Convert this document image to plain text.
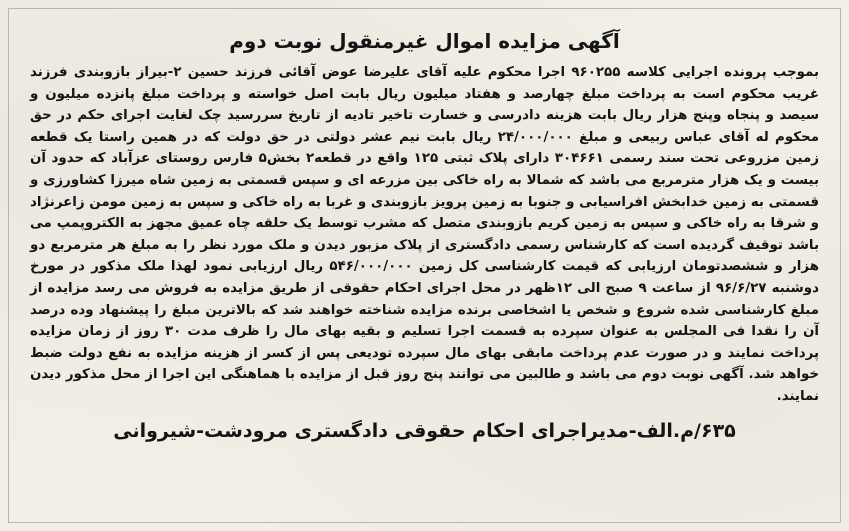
آگهی مزایده اموال غیرمنقول نوبت دوم

بموجب پرونده اجرایی کلاسه ۹۶۰۲۵۵ اجرا محکوم علیه آقای علیرضا عوض آقائی فرزند حسین ۲-بیراز بازوبندی فرزند غریب محکوم است به پرداخت مبلغ چهارصد و هفتاد میلیون ریال بابت اصل خواسته و پرداخت مبلغ پانزده میلیون و سیصد و پنجاه وپنج هزار ریال بابت هزینه دادرسی و خسارت تاخیر تادیه از تاریخ سررسید چک لغایت اجرای حکم در حق محکوم له آقای عباس ربیعی و مبلغ ۲۴/۰۰۰/۰۰۰ ریال بابت نیم عشر دولتی در حق دولت که در همین راستا یک قطعه زمین مزروعی تحت سند رسمی ۳۰۴۶۶۱ دارای پلاک ثبتی ۱۲۵ واقع در قطعه۲ بخش۵ فارس روستای عزآباد که حدود آن بیست و یک هزار مترمربع می باشد که شمالا به راه خاکی بین مزرعه ای و سپس قسمتی به زمین شاه میرزا کشاورزی و قسمتی به زمین خدابخش افراسیابی و جنوبا به زمین پرویز بازوبندی و غربا به راه خاکی و سپس به زمین مومن زاعرنژاد و شرقا به راه خاکی و سپس به زمین کریم بازوبندی متصل که مشرب توسط یک حلقه چاه عمیق مجهز به الکتروپمپ می باشد توقیف گردیده است که کارشناس رسمی دادگستری از پلاک مزبور دیدن و ملک مورد نظر را به مبلغ هر مترمربع دو هزار و ششصدتومان ارزیابی که قیمت کارشناسی کل زمین ۵۴۶/۰۰۰/۰۰۰ ریال ارزیابی نمود لهذا ملک مذکور در مورخ دوشنبه ۹۶/۶/۲۷ از ساعت ۹ صبح الی ۱۲ظهر در محل اجرای احکام حقوقی از طریق مزایده به فروش می رسد مزایده از مبلغ کارشناسی شده شروع و شخص یا اشخاصی برنده مزایده شناخته خواهند شد که بالاترین مبلغ را پیشنهاد وده درصد آن را نقدا فی المجلس به عنوان سپرده به قسمت اجرا تسلیم و بقیه بهای مال را ظرف مدت ۳۰ روز از زمان مزایده پرداخت نمایند و در صورت عدم پرداخت مابقی بهای مال سپرده تودیعی پس از کسر از هزینه مزایده به نفع دولت ضبط خواهد شد. آگهی نوبت دوم می باشد و طالبین می توانند پنج روز قبل از مزایده با هماهنگی این اجرا از محل مذکور دیدن نمایند.

۶۳۵/م.الف-مدیراجرای احکام حقوقی دادگستری مرودشت-شیروانی
